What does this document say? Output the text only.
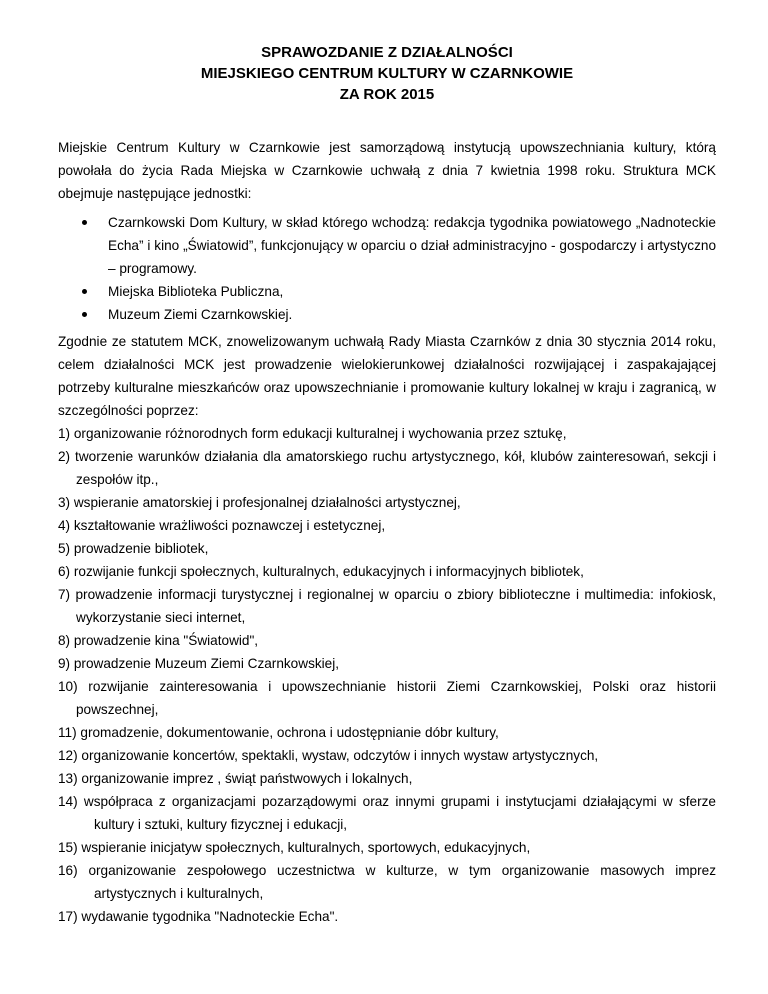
SPRAWOZDANIE Z DZIAŁALNOŚCI
MIEJSKIEGO CENTRUM KULTURY W CZARNKOWIE
ZA ROK 2015
Miejskie Centrum Kultury w Czarnkowie jest samorządową instytucją upowszechniania kultury, którą powołała do życia Rada Miejska w Czarnkowie uchwałą z dnia 7 kwietnia 1998 roku. Struktura MCK obejmuje następujące jednostki:
Czarnkowski Dom Kultury, w skład którego wchodzą: redakcja tygodnika powiatowego „Nadnoteckie Echa” i kino „Światowid”, funkcjonujący w oparciu o dział administracyjno - gospodarczy i artystyczno – programowy.
Miejska Biblioteka Publiczna,
Muzeum Ziemi Czarnkowskiej.
Zgodnie ze statutem MCK, znowelizowanym uchwałą Rady Miasta Czarnków z dnia 30 stycznia 2014 roku, celem działalności MCK jest prowadzenie wielokierunkowej działalności rozwijającej i zaspakajającej potrzeby kulturalne mieszkańców oraz upowszechnianie i promowanie kultury lokalnej w kraju i zagranicą, w szczególności poprzez:
1) organizowanie różnorodnych form edukacji kulturalnej i wychowania przez sztukę,
2) tworzenie warunków działania dla amatorskiego ruchu artystycznego, kół, klubów zainteresowań, sekcji i zespołów itp.,
3) wspieranie amatorskiej i profesjonalnej działalności artystycznej,
4) kształtowanie wrażliwości poznawczej i estetycznej,
5) prowadzenie bibliotek,
6) rozwijanie funkcji społecznych, kulturalnych, edukacyjnych i informacyjnych bibliotek,
7) prowadzenie informacji turystycznej i regionalnej w oparciu o zbiory biblioteczne i multimedia: infokiosk, wykorzystanie sieci internet,
8) prowadzenie kina "Światowid",
9) prowadzenie Muzeum Ziemi Czarnkowskiej,
10) rozwijanie zainteresowania i upowszechnianie historii Ziemi Czarnkowskiej, Polski oraz historii powszechnej,
11) gromadzenie, dokumentowanie, ochrona i udostępnianie dóbr kultury,
12) organizowanie koncertów, spektakli, wystaw, odczytów i innych wystaw artystycznych,
13) organizowanie imprez , świąt państwowych i lokalnych,
14) współpraca z organizacjami pozarządowymi oraz innymi grupami i instytucjami działającymi w sferze kultury i sztuki, kultury fizycznej i edukacji,
15) wspieranie inicjatyw społecznych, kulturalnych, sportowych, edukacyjnych,
16) organizowanie zespołowego uczestnictwa w kulturze, w tym organizowanie masowych imprez artystycznych i kulturalnych,
17) wydawanie tygodnika "Nadnoteckie Echa".
